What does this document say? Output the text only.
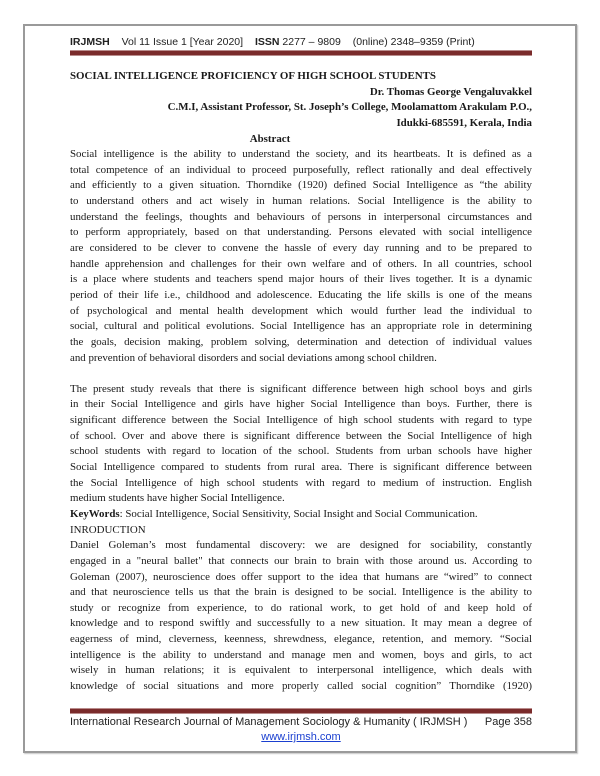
IRJMSH Vol 11 Issue 1 [Year 2020] ISSN 2277 – 9809 (0nline) 2348–9359 (Print)
SOCIAL INTELLIGENCE PROFICIENCY OF HIGH SCHOOL STUDENTS
Dr. Thomas George Vengaluvakkel
C.M.I, Assistant Professor, St. Joseph’s College, Moolamattom Arakulam P.O.,
Idukki-685591, Kerala, India
Abstract
Social intelligence is the ability to understand the society, and its heartbeats. It is defined as a
total competence of an individual to proceed purposefully, reflect rationally and deal effectively
and efficiently to a given situation. Thorndike (1920) defined Social Intelligence as “the ability
to understand others and act wisely in human relations. Social Intelligence is the ability to
understand the feelings, thoughts and behaviours of persons in interpersonal circumstances and
to perform appropriately, based on that understanding. Persons elevated with social intelligence
are considered to be clever to convene the hassle of every day running and to be prepared to
handle apprehension and challenges for their own welfare and of others. In all countries, school
is a place where students and teachers spend major hours of their lives together. It is a dynamic
period of their life i.e., childhood and adolescence. Educating the life skills is one of the means
of psychological and mental health development which would further lead the individual to
social, cultural and political evolutions. Social Intelligence has an appropriate role in determining
the goals, decision making, problem solving, determination and detection of individual values
and prevention of behavioral disorders and social deviations among school children.
The present study reveals that there is significant difference between high school boys and girls
in their Social Intelligence and girls have higher Social Intelligence than boys. Further, there is
significant difference between the Social Intelligence of high school students with regard to type
of school. Over and above there is significant difference between the Social Intelligence of high
school students with regard to location of the school. Students from urban schools have higher
Social Intelligence compared to students from rural area. There is significant difference between
the Social Intelligence of high school students with regard to medium of instruction. English
medium students have higher Social Intelligence.
KeyWords: Social Intelligence, Social Sensitivity, Social Insight and Social Communication.
INRODUCTION
Daniel Goleman’s most fundamental discovery: we are designed for sociability, constantly
engaged in a "neural ballet" that connects our brain to brain with those around us. According to
Goleman (2007), neuroscience does offer support to the idea that humans are “wired” to connect
and that neuroscience tells us that the brain is designed to be social. Intelligence is the ability to
study or recognize from experience, to do rational work, to get hold of and keep hold of
knowledge and to respond swiftly and successfully to a new situation. It may mean a degree of
eagerness of mind, cleverness, keenness, shrewdness, elegance, retention, and memory. “Social
intelligence is the ability to understand and manage men and women, boys and girls, to act
wisely in human relations; it is equivalent to interpersonal intelligence, which deals with
knowledge of social situations and more properly called social cognition” Thorndike (1920)
International Research Journal of Management Sociology & Humanity ( IRJMSH ) Page 358
www.irjmsh.com
